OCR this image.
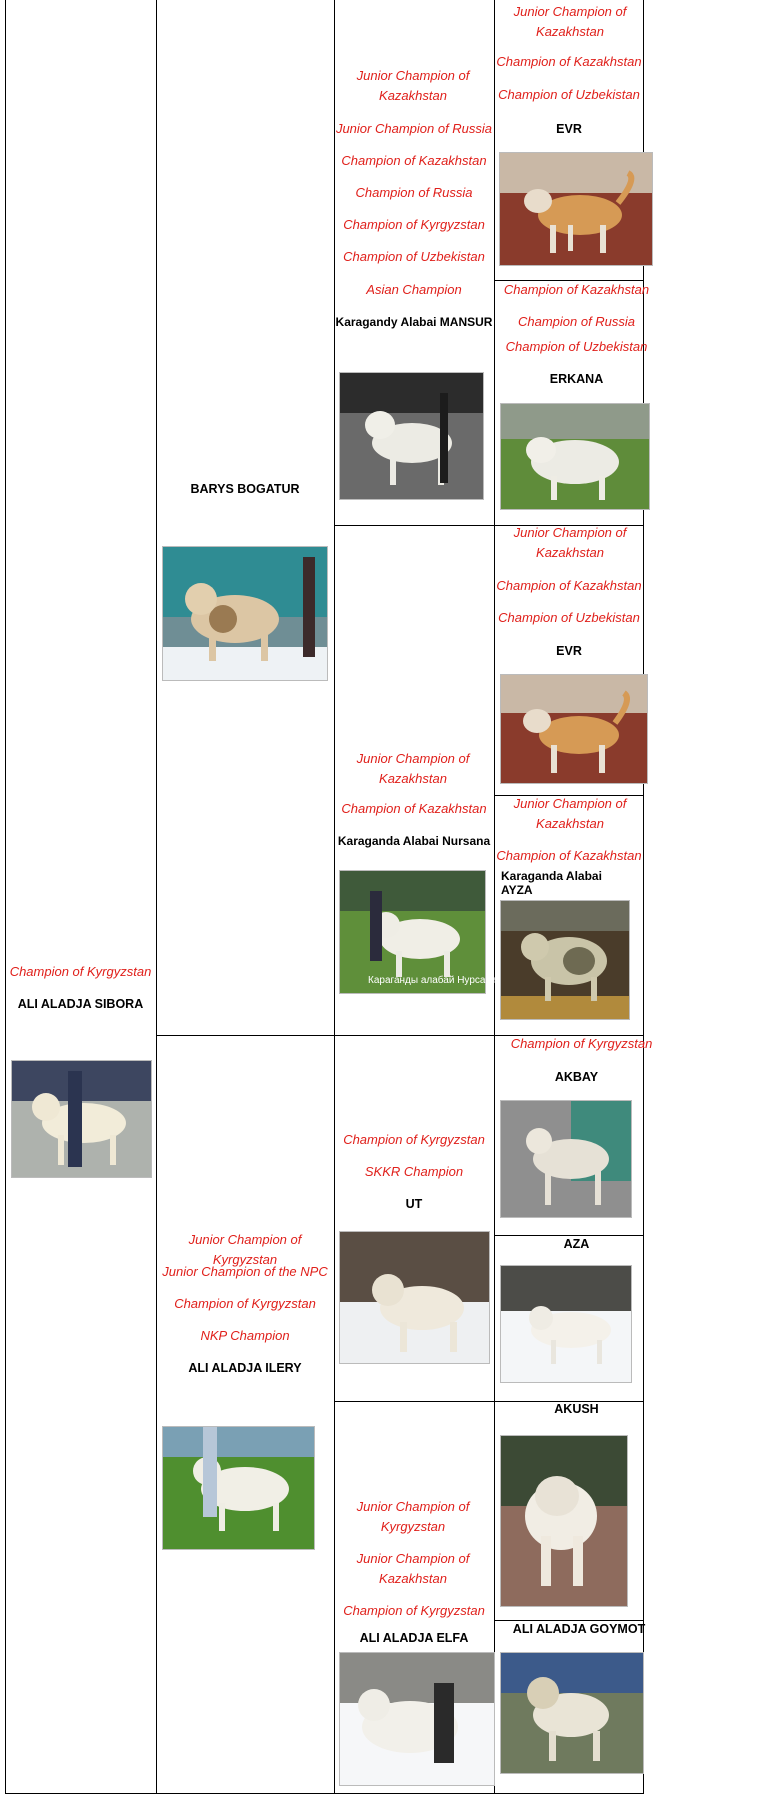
Junior Champion of Kazakhstan
Champion of Kazakhstan
Champion of Uzbekistan
EVR
Champion of Kazakhstan
Champion of Russia
Champion of Uzbekistan
ERKANA
Junior Champion of Kazakhstan
Champion of Kazakhstan
Champion of Uzbekistan
EVR
Junior Champion of Kazakhstan
Champion of Kazakhstan
Karaganda Alabai AYZA
Champion of Kyrgyzstan
AKBAY
AZA
AKUSH
ALI ALADJA GOYMOT
Junior Champion of Kazakhstan
Junior Champion of Russia
Champion of Kazakhstan
Champion of Russia
Champion of Kyrgyzstan
Champion of Uzbekistan
Asian Champion
Karagandy Alabai MANSUR
Junior Champion of Kazakhstan
Champion of Kazakhstan
Karaganda Alabai Nursana
Караганды алабай Нурсана
Champion of Kyrgyzstan
SKKR Champion
UT
Junior Champion of Kyrgyzstan
Junior Champion of Kazakhstan
Champion of Kyrgyzstan
ALI ALADJA ELFA
BARYS BOGATUR
Junior Champion of Kyrgyzstan
Junior Champion of the NPC
Champion of Kyrgyzstan
NKP Champion
ALI ALADJA ILERY
Champion of Kyrgyzstan
ALI ALADJA SIBORA
